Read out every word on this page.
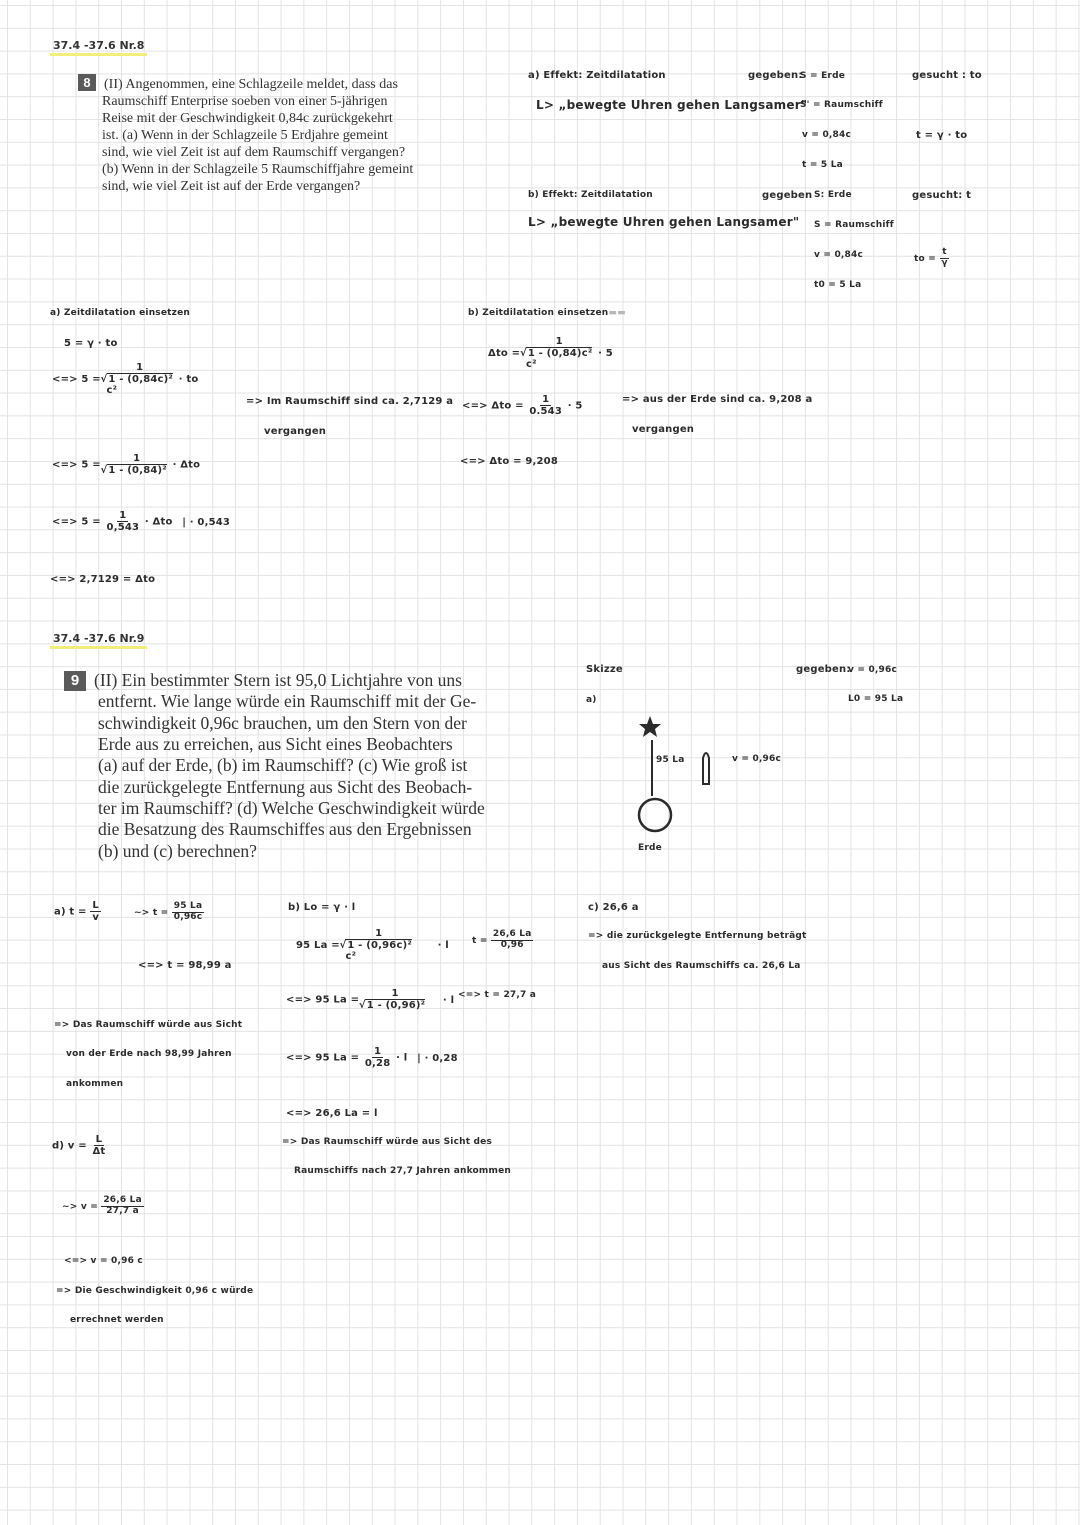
37.4 -37.6 Nr.8
8 (II) Angenommen, eine Schlagzeile meldet, dass das
Raumschiff Enterprise soeben von einer 5-jährigen
Reise mit der Geschwindigkeit 0,84c zurückgekehrt
ist. (a) Wenn in der Schlagzeile 5 Erdjahre gemeint
sind, wie viel Zeit ist auf dem Raumschiff vergangen?
(b) Wenn in der Schlagzeile 5 Raumschiffjahre gemeint
sind, wie viel Zeit ist auf der Erde vergangen?
a) Effekt: Zeitdilatation
L> „bewegte Uhren gehen Langsamer"
gegeben:
S = Erde
S' = Raumschiff
v = 0,84c
t = 5 La
gesucht : to
t = γ · to
b) Effekt: Zeitdilatation
L> „bewegte Uhren gehen Langsamer"
gegeben S: Erde
S = Raumschiff
v = 0,84c
t0 = 5 La
gesucht: t
to = $\frac{t}{\gamma}$
a) Zeitdilatation einsetzen
5 = γ · to
<=> 5 =
1
√ 1 - (0,84c)²
c²
· to
<=> 5 = 1
√ 1 - (0,84)² · Δto
<=> $5 = \frac{1}{0,543} \cdot \Delta to$ | · 0,543
<=> 2,7129 = Δto
=> Im Raumschiff sind ca. 2,7129 a
vergangen
b) Zeitdilatation einsetzen▬▬
Δto =
1
√ 1 - (0,84)c²
c²
· 5
<=> $\Delta to = \frac{1}{0.543} \cdot 5$
<=> Δto = 9,208
=> aus der Erde sind ca. 9,208 a
vergangen
37.4 -37.6 Nr.9
9 (II) Ein bestimmter Stern ist 95,0 Lichtjahre von uns
entfernt. Wie lange würde ein Raumschiff mit der Ge-
schwindigkeit 0,96c brauchen, um den Stern von der
Erde aus zu erreichen, aus Sicht eines Beobachters
(a) auf der Erde, (b) im Raumschiff? (c) Wie groß ist
die zurückgelegte Entfernung aus Sicht des Beobach-
ter im Raumschiff? (d) Welche Geschwindigkeit würde
die Besatzung des Raumschiffes aus den Ergebnissen
(b) und (c) berechnen?
Skizze
a)
95 La	v = 0,96c
Erde
gegeben:
v = 0,96c
L0 = 95 La
a) $t = \frac{L}{v}$	~> $t = \frac{95 La}{0,96c}$
<=> t = 98,99 a
=> Das Raumschiff würde aus Sicht
von der Erde nach 98,99 Jahren
ankommen
b) Lo = γ · l
95 La =
1
√ 1 - (0,96c)²
c²
· l
<=> 95 La = 1
√ 1 - (0,96)² · l
<=> 95 $La = \frac{1}{0,28} \cdot l$ | · 0,28
<=> 26,6 La = l
$t = \frac{26,6 La}{0,96}$
<=> t = 27,7 a
=> Das Raumschiff würde aus Sicht des
Raumschiffs nach 27,7 Jahren ankommen
c) 26,6 a
=> die zurückgelegte Entfernung beträgt
aus Sicht des Raumschiffs ca. 26,6 La
d) $v = \frac{L}{\Delta t}$
~> $v = \frac{26,6 La}{27,7 a}$
<=> v = 0,96 c
=> Die Geschwindigkeit 0,96 c würde
errechnet werden
